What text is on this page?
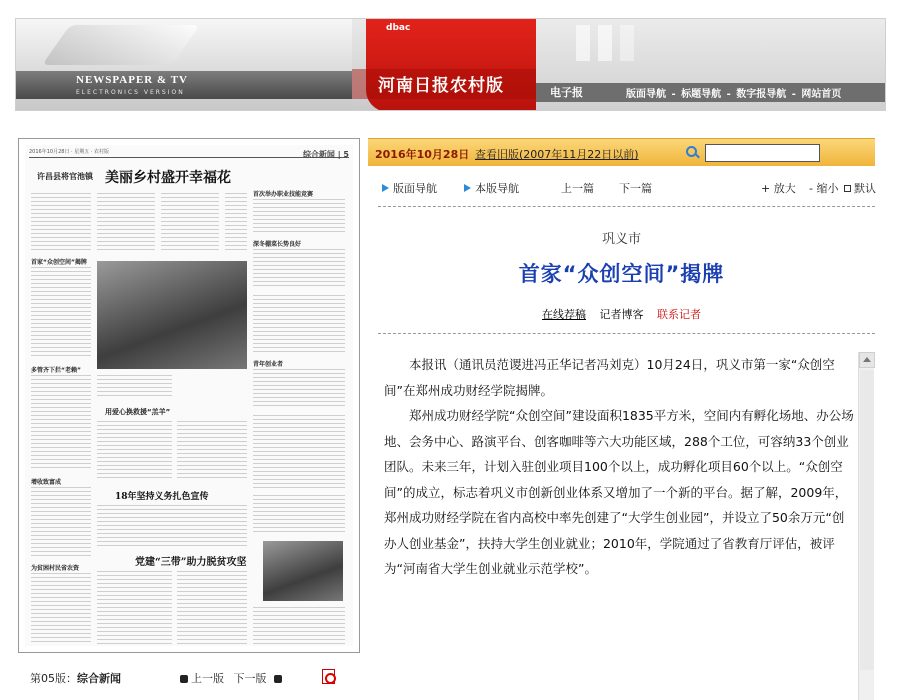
NEWSPAPER & TV
ELECTRONICS VERSION
dbac
河南日报农村版	电子报	版面导航 - 标题导航 - 数字报导航 - 网站首页
2016年10月28日 · 星期五 · 农村版	综合新闻 | 5
许昌县将官池镇 美丽乡村盛开幸福花
首次举办职业技能竞赛
深冬棚菜长势良好
首家“众创空间”揭牌
青年创业者
多管齐下拦“老赖”
用爱心换救援“羔羊”
增收致富成
18年坚持义务扎色宣传
为贫困村民省农资
党建“三带”助力脱贫攻坚
第05版：综合新闻	上一版 下一版
2016年10月28日 查看旧版(2007年11月22日以前)
版面导航	本版导航	上一篇 下一篇	+ 放大 - 缩小	默认
巩义市
首家“众创空间”揭牌
在线荐稿 记者博客 联系记者

本报讯（通讯员范谡进冯正华记者冯刘克）10月24日，巩义市第一家“众创空间”在郑州成功财经学院揭牌。

郑州成功财经学院“众创空间”建设面积1835平方米，空间内有孵化场地、办公场地、会务中心、路演平台、创客咖啡等六大功能区域，288个工位，可容纳33个创业团队。未来三年，计划入驻创业项目100个以上，成功孵化项目60个以上。“众创空间”的成立，标志着巩义市创新创业体系又增加了一个新的平台。据了解，2009年，郑州成功财经学院在省内高校中率先创建了“大学生创业园”，并设立了50余万元“创办人创业基金”，扶持大学生创业就业；2010年，学院通过了省教育厅评估，被评为“河南省大学生创业就业示范学校”。
